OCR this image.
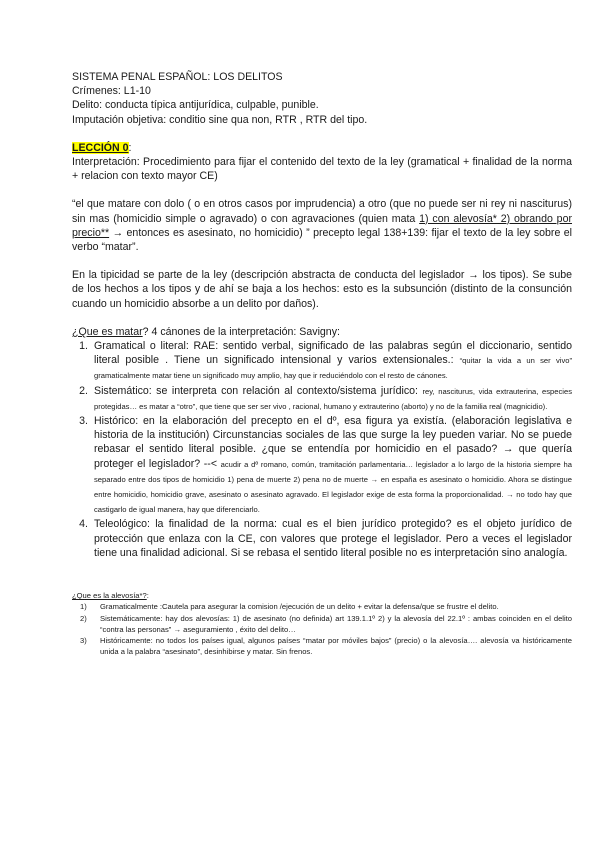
SISTEMA PENAL ESPAÑOL: LOS DELITOS

Crímenes: L1-10

Delito: conducta típica antijurídica, culpable, punible.

Imputación objetiva: conditio sine qua non, RTR , RTR del tipo.

LECCIÓN 0:

Interpretación: Procedimiento para fijar el contenido del texto de la ley (gramatical + finalidad de la norma + relacion con texto mayor CE)

“el que matare con dolo ( o en otros casos por imprudencia) a otro (que no puede ser ni rey ni nasciturus) sin mas (homicidio simple o agravado) o con agravaciones (quien mata 1) con alevosía* 2) obrando por precio** → entonces es asesinato, no homicidio) ” precepto legal 138+139: fijar el texto de la ley sobre el verbo “matar”.

En la tipicidad se parte de la ley (descripción abstracta de conducta del legislador → los tipos). Se sube de los hechos a los tipos y de ahí se baja a los hechos: esto es la subsunción (distinto de la consunción cuando un homicidio absorbe a un delito por daños).

¿Que es matar? 4 cánones de la interpretación: Savigny:

Gramatical o literal: RAE: sentido verbal, significado de las palabras según el diccionario, sentido literal posible . Tiene un significado intensional y varios extensionales.: “quitar la vida a un ser vivo” gramaticalmente matar tiene un significado muy amplio, hay que ir reduciéndolo con el resto de cánones.
Sistemático: se interpreta con relación al contexto/sistema jurídico: rey, nasciturus, vida extrauterina, especies protegidas… es matar a “otro”, que tiene que ser ser vivo , racional, humano y extrauterino (aborto) y no de la familia real (magnicidio).
Histórico: en la elaboración del precepto en el dº, esa figura ya existía. (elaboración legislativa e historia de la institución) Circunstancias sociales de las que surge la ley pueden variar. No se puede rebasar el sentido literal posible. ¿que se entendía por homicidio en el pasado? → que quería proteger el legislador? --< acudir a dº romano, común, tramitación parlamentaria… legislador a lo largo de la historia siempre ha separado entre dos tipos de homicidio 1) pena de muerte 2) pena no de muerte → en españa es asesinato o homicidio. Ahora se distingue entre homicidio, homicidio grave, asesinato o asesinato agravado. El legislador exige de esta forma la proporcionalidad. → no todo hay que castigarlo de igual manera, hay que diferenciarlo.
Teleológico: la finalidad de la norma: cual es el bien jurídico protegido? es el objeto jurídico de protección que enlaza con la CE, con valores que protege el legislador. Pero a veces el legislador tiene una finalidad adicional. Si se rebasa el sentido literal posible no es interpretación sino analogía.

¿Que es la alevosía*?:

Gramaticalmente :Cautela para asegurar la comision /ejecución de un delito + evitar la defensa/que se frustre el delito.
Sistemáticamente: hay dos alevosías: 1) de asesinato (no definida) art 139.1.1º 2) y la alevosía del 22.1º : ambas coinciden en el delito “contra las personas” → aseguramiento , éxito del delito…
Históricamente: no todos los países igual, algunos países “matar por móviles bajos” (precio) o la alevosía…. alevosía va históricamente unida a la palabra “asesinato”, desinhibirse y matar. Sin frenos.
